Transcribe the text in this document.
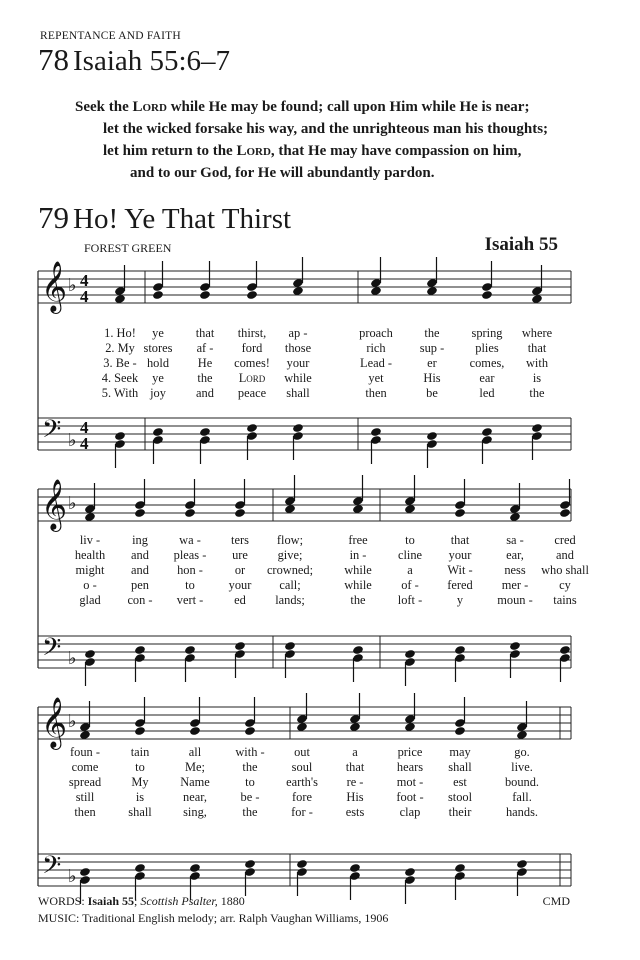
REPENTANCE AND FAITH
78 Isaiah 55:6–7
Seek the Lord while He may be found; call upon Him while He is near;
let the wicked forsake his way, and the unrighteous man his thoughts;
let him return to the Lord, that He may have compassion on him,
and to our God, for He will abundantly pardon.
79 Ho! Ye That Thirst
FOREST GREEN	Isaiah 55
𝄞
𝄢
♭
♭
4
4
4
4
1. Ho!
2. My
3. Be -
4. Seek
5. With
ye
stores
hold
ye
joy
that
af -
He
the
and
thirst,
ford
comes!
Lord
peace
ap -
those
your
while
shall
proach
rich
Lead -
yet
then
the
sup -
er
His
be
spring
plies
comes,
ear
led
where
that
with
is
the
𝄞
𝄢
♭
♭
liv -
health
might
o -
glad
ing
and
and
pen
con -
wa -
pleas -
hon -
to
vert -
ters
ure
or
your
ed
flow;
give;
crowned;
call;
lands;
free
in -
while
while
the
to
cline
a
of -
loft -
that
your
Wit -
fered
y
sa -
ear,
ness
mer -
moun -
cred
and
who shall
cy
tains
𝄞
𝄢
♭
♭
foun -
come
spread
still
then
tain
to
My
is
shall
all
Me;
Name
near,
sing,
with -
the
to
be -
the
out
soul
earth's
fore
for -
a
that
re -
His
ests
price
hears
mot -
foot -
clap
may
shall
est
stool
their
go.
live.
bound.
fall.
hands.
WORDS: Isaiah 55; Scottish Psalter, 1880
MUSIC: Traditional English melody; arr. Ralph Vaughan Williams, 1906
CMD
